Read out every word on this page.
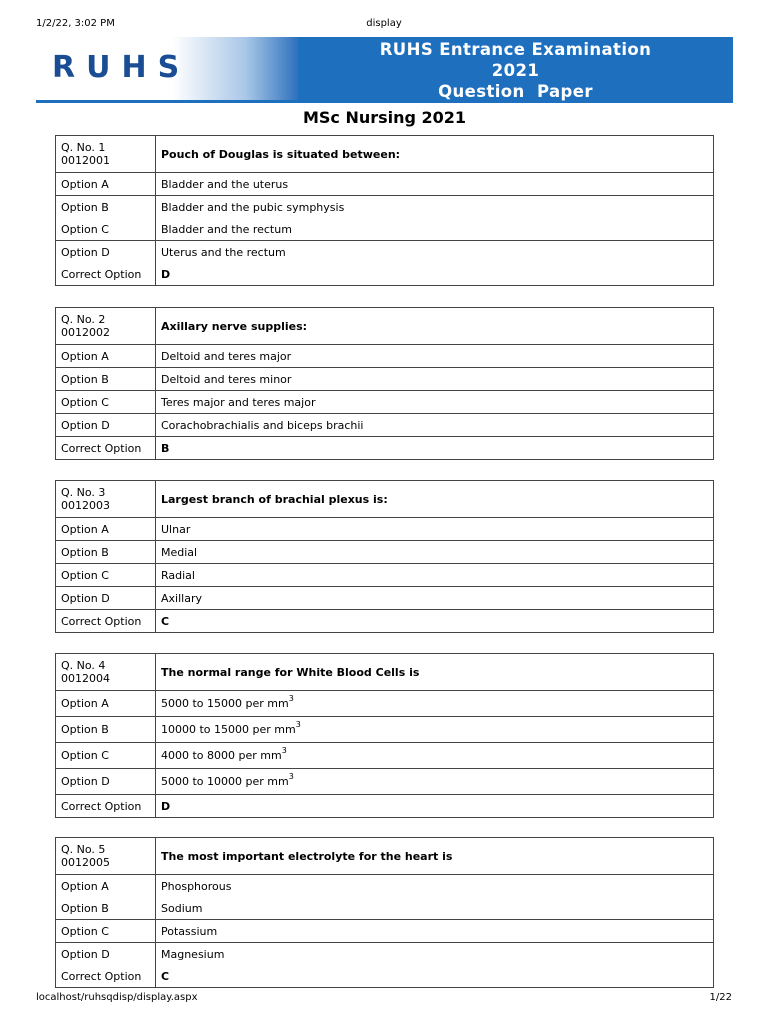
1/2/22, 3:02 PM	display
RUHS
RUHS Entrance Examination
2021
Question  Paper
MSc Nursing 2021
Q. No. 1
0012001	Pouch of Douglas is situated between:
Option A	Bladder and the uterus
Option B	Bladder and the pubic symphysis
Option C	Bladder and the rectum
Option D	Uterus and the rectum
Correct Option	D
Q. No. 2
0012002	Axillary nerve supplies:
Option A	Deltoid and teres major
Option B	Deltoid and teres minor
Option C	Teres major and teres major
Option D	Corachobrachialis and biceps brachii
Correct Option	B
Q. No. 3
0012003	Largest branch of brachial plexus is:
Option A	Ulnar
Option B	Medial
Option C	Radial
Option D	Axillary
Correct Option	C
Q. No. 4
0012004	The normal range for White Blood Cells is
Option A	5000 to 15000 per $mm^3$
Option B	10000 to 15000 per $mm^3$
Option C	4000 to 8000 per $mm^3$
Option D	5000 to 10000 per $mm^3$
Correct Option	D
Q. No. 5
0012005	The most important electrolyte for the heart is
Option A	Phosphorous
Option B	Sodium
Option C	Potassium
Option D	Magnesium
Correct Option	C
localhost/ruhsqdisp/display.aspx	1/22
